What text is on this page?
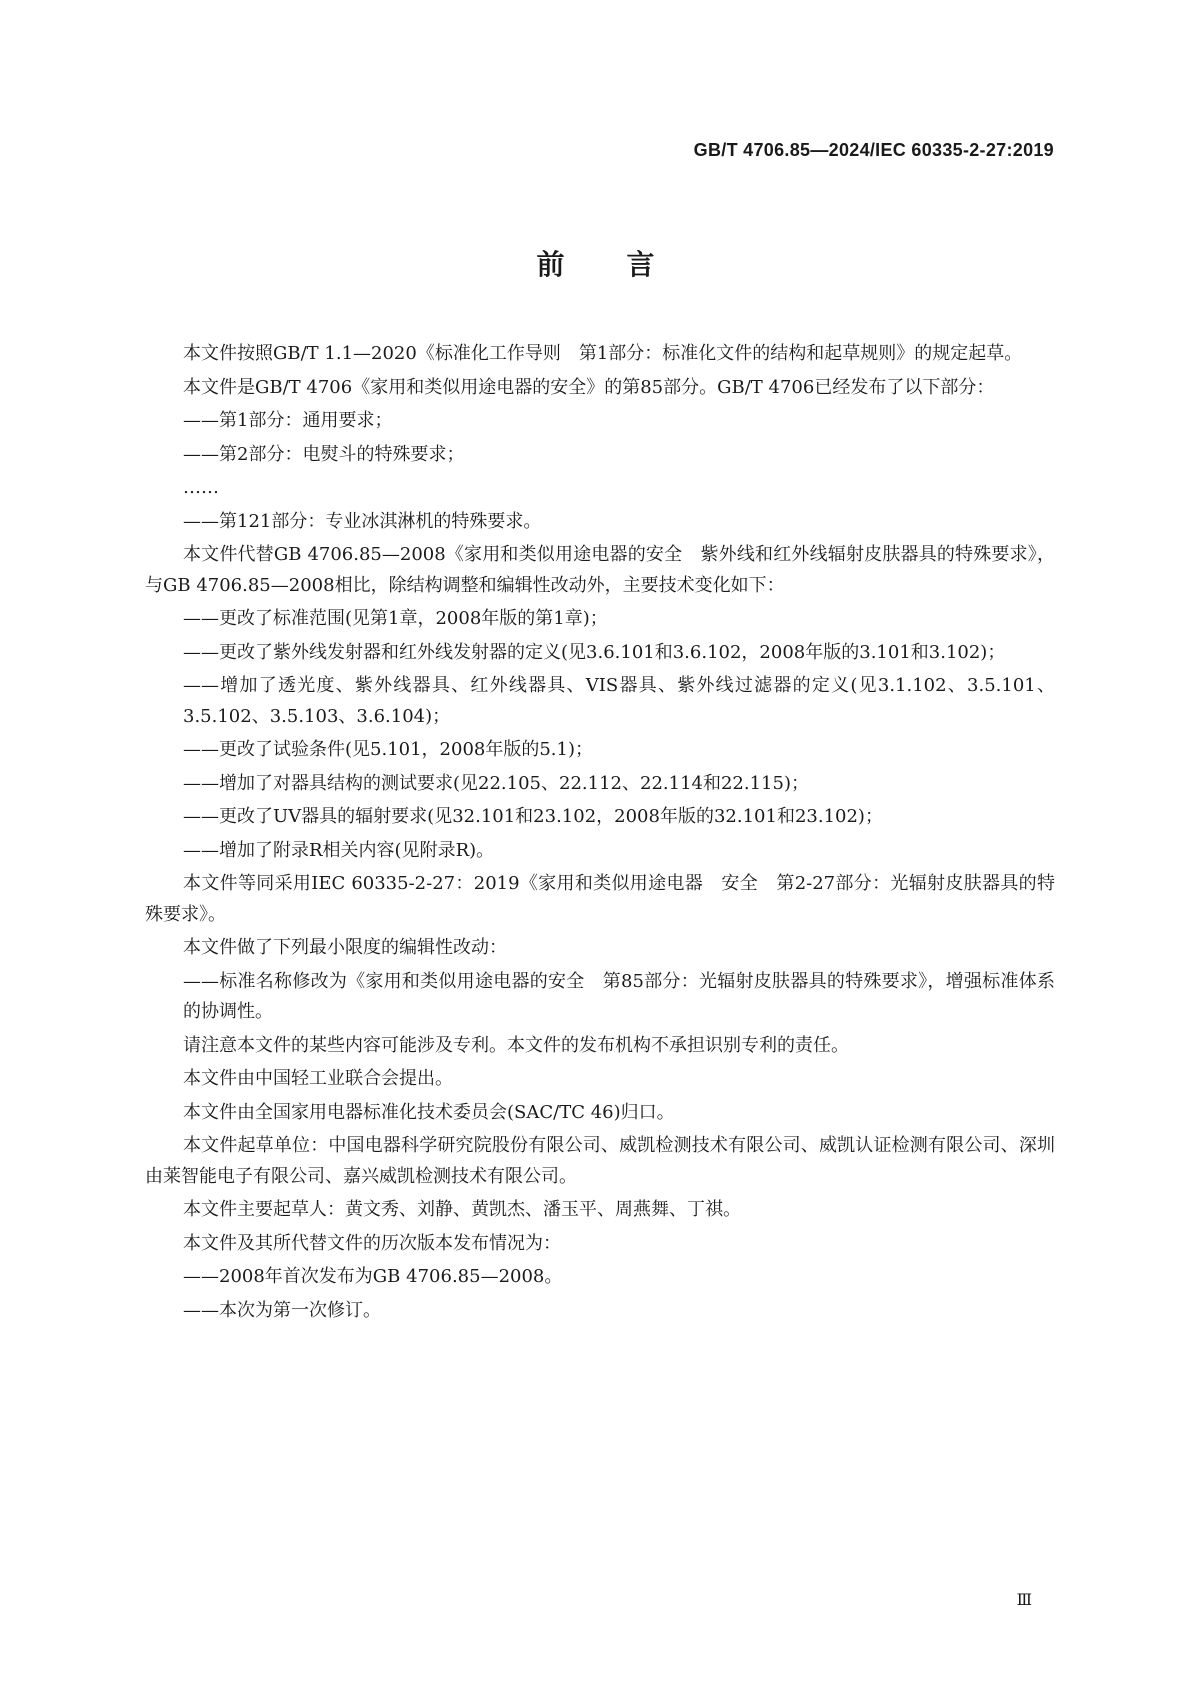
GB/T 4706.85—2024/IEC 60335-2-27:2019
前言

本文件按照GB/T 1.1—2020《标准化工作导则　第1部分：标准化文件的结构和起草规则》的规定起草。

本文件是GB/T 4706《家用和类似用途电器的安全》的第85部分。GB/T 4706已经发布了以下部分：

——第1部分：通用要求；
——第2部分：电熨斗的特殊要求；
……
——第121部分：专业冰淇淋机的特殊要求。

本文件代替GB 4706.85—2008《家用和类似用途电器的安全　紫外线和红外线辐射皮肤器具的特殊要求》，与GB 4706.85—2008相比，除结构调整和编辑性改动外，主要技术变化如下：

——更改了标准范围(见第1章，2008年版的第1章)；
——更改了紫外线发射器和红外线发射器的定义(见3.6.101和3.6.102，2008年版的3.101和3.102)；
——增加了透光度、紫外线器具、红外线器具、VIS器具、紫外线过滤器的定义(见3.1.102、3.5.101、3.5.102、3.5.103、3.6.104)；
——更改了试验条件(见5.101，2008年版的5.1)；
——增加了对器具结构的测试要求(见22.105、22.112、22.114和22.115)；
——更改了UV器具的辐射要求(见32.101和23.102，2008年版的32.101和23.102)；
——增加了附录R相关内容(见附录R)。

本文件等同采用IEC 60335-2-27：2019《家用和类似用途电器　安全　第2-27部分：光辐射皮肤器具的特殊要求》。

本文件做了下列最小限度的编辑性改动：

——标准名称修改为《家用和类似用途电器的安全　第85部分：光辐射皮肤器具的特殊要求》，增强标准体系的协调性。

请注意本文件的某些内容可能涉及专利。本文件的发布机构不承担识别专利的责任。

本文件由中国轻工业联合会提出。

本文件由全国家用电器标准化技术委员会(SAC/TC 46)归口。

本文件起草单位：中国电器科学研究院股份有限公司、威凯检测技术有限公司、威凯认证检测有限公司、深圳由莱智能电子有限公司、嘉兴威凯检测技术有限公司。

本文件主要起草人：黄文秀、刘静、黄凯杰、潘玉平、周燕舞、丁祺。

本文件及其所代替文件的历次版本发布情况为：

——2008年首次发布为GB 4706.85—2008。
——本次为第一次修订。
Ⅲ
